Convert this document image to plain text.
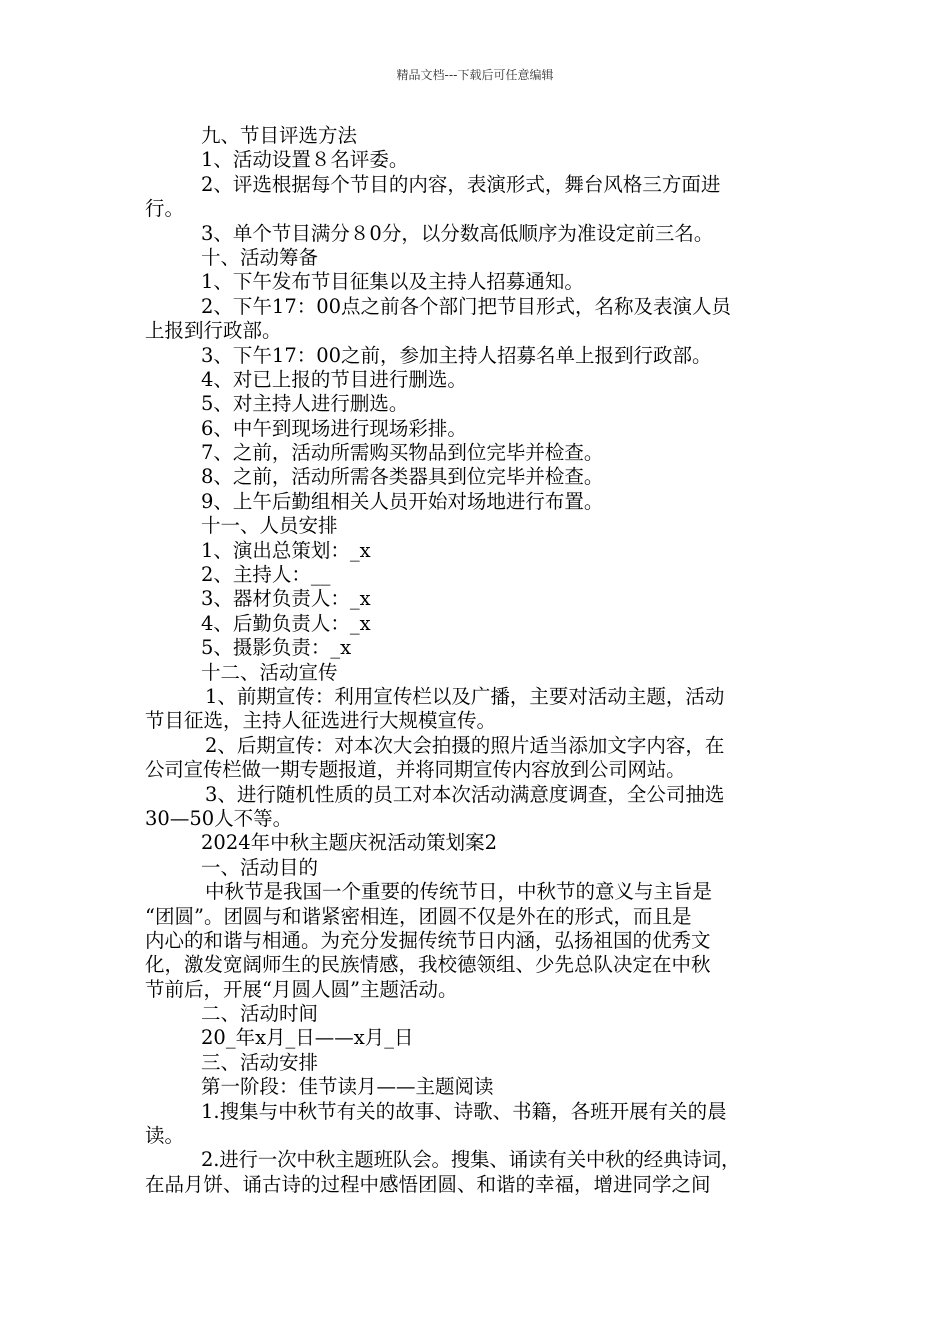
精品文档---下载后可任意编辑
九、节目评选方法
1、活动设置８名评委。
2、评选根据每个节目的内容，表演形式，舞台风格三方面进
行。
3、单个节目满分８0分，以分数高低顺序为准设定前三名。
十、活动筹备
1、下午发布节目征集以及主持人招募通知。
2、下午17：00点之前各个部门把节目形式，名称及表演人员
上报到行政部。
3、下午17：00之前，参加主持人招募名单上报到行政部。
4、对已上报的节目进行删选。
5、对主持人进行删选。
6、中午到现场进行现场彩排。
7、之前，活动所需购买物品到位完毕并检查。
8、之前，活动所需各类器具到位完毕并检查。
9、上午后勤组相关人员开始对场地进行布置。
十一、人员安排
1、演出总策划：_x
2、主持人：__
3、器材负责人：_x
4、后勤负责人：_x
5、摄影负责：_x
十二、活动宣传
1、前期宣传：利用宣传栏以及广播，主要对活动主题，活动
节目征选，主持人征选进行大规模宣传。
2、后期宣传：对本次大会拍摄的照片适当添加文字内容，在
公司宣传栏做一期专题报道，并将同期宣传内容放到公司网站。
3、进行随机性质的员工对本次活动满意度调查，全公司抽选
30—50人不等。
2024年中秋主题庆祝活动策划案2
一、活动目的
中秋节是我国一个重要的传统节日，中秋节的意义与主旨是
“团圆”。团圆与和谐紧密相连，团圆不仅是外在的形式，而且是
内心的和谐与相通。为充分发掘传统节日内涵，弘扬祖国的优秀文
化，激发宽阔师生的民族情感，我校德领组、少先总队决定在中秋
节前后，开展“月圆人圆”主题活动。
二、活动时间
20_年x月_日——x月_日
三、活动安排
第一阶段：佳节读月——主题阅读
1.搜集与中秋节有关的故事、诗歌、书籍，各班开展有关的晨
读。
2.进行一次中秋主题班队会。搜集、诵读有关中秋的经典诗词，
在品月饼、诵古诗的过程中感悟团圆、和谐的幸福，增进同学之间
